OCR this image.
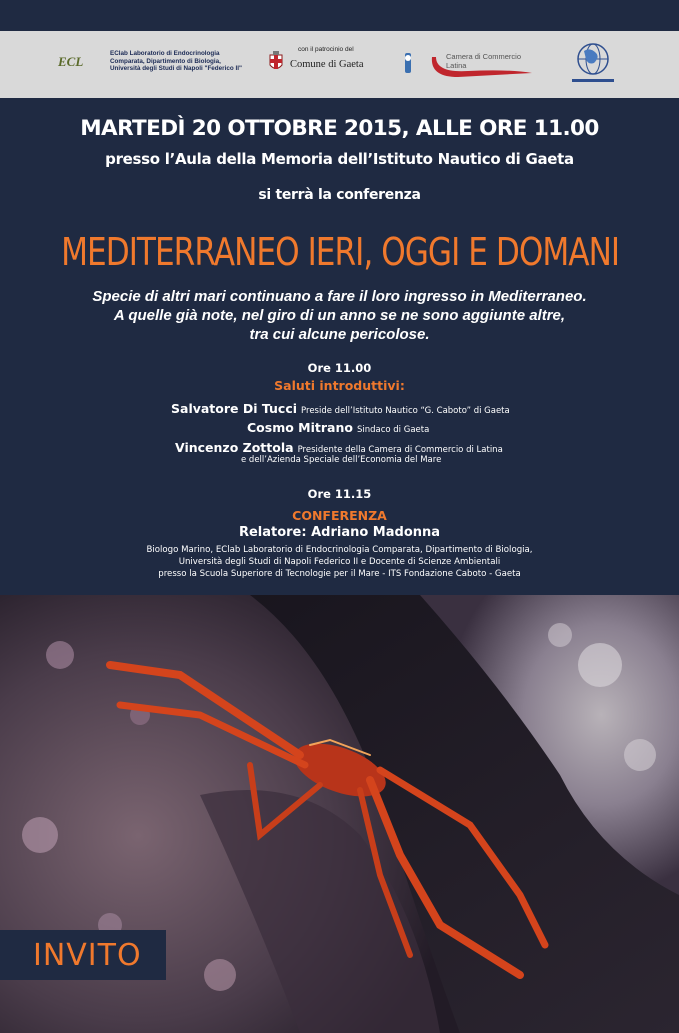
ECL
EClab Laboratorio di Endocrinologia
Comparata, Dipartimento di Biologia,
Università degli Studi di Napoli "Federico II"
con il patrocinio del
Comune di Gaeta
Camera di Commercio
Latina
MARTEDÌ 20 OTTOBRE 2015, ALLE ORE 11.00
presso l’Aula della Memoria dell’Istituto Nautico di Gaeta
si terrà la conferenza
MEDITERRANEO IERI, OGGI E DOMANI
Specie di altri mari continuano a fare il loro ingresso in Mediterraneo.
A quelle già note, nel giro di un anno se ne sono aggiunte altre,
tra cui alcune pericolose.
Ore 11.00
Saluti introduttivi:
Salvatore Di Tucci Preside dell’Istituto Nautico “G. Caboto” di Gaeta
Cosmo Mitrano Sindaco di Gaeta
Vincenzo Zottola Presidente della Camera di Commercio di Latina
e dell’Azienda Speciale dell’Economia del Mare
Ore 11.15
CONFERENZA
Relatore: Adriano Madonna
Biologo Marino, EClab Laboratorio di Endocrinologia Comparata, Dipartimento di Biologia,
Università degli Studi di Napoli Federico II e Docente di Scienze Ambientali
presso la Scuola Superiore di Tecnologie per il Mare - ITS Fondazione Caboto - Gaeta
INVITO
